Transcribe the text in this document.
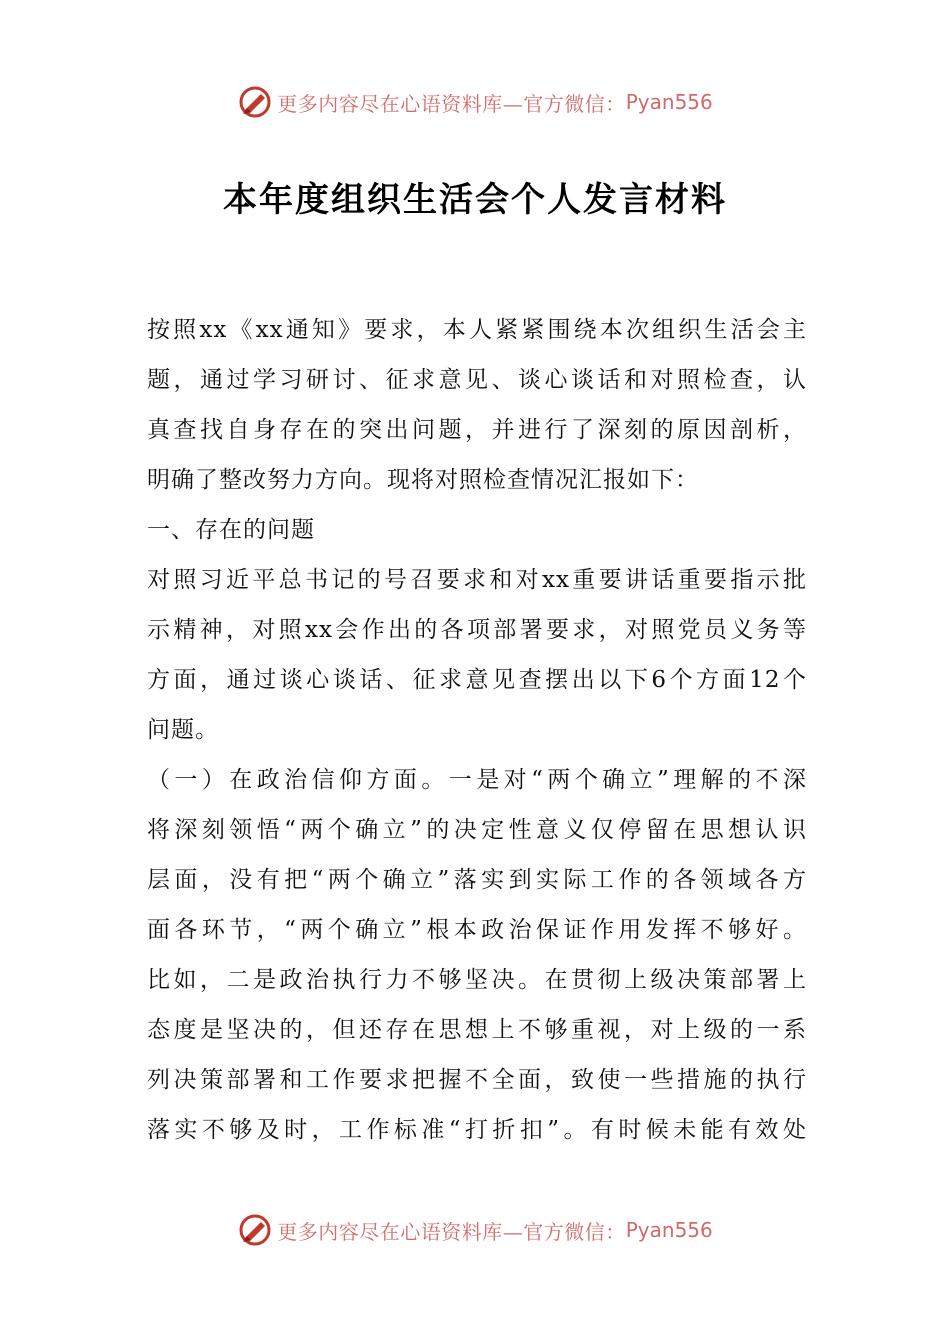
更多内容尽在心语资料库—官方微信： Pyan556
本年度组织生活会个人发言材料
按照xx《xx通知》要求，本人紧紧围绕本次组织生活会主
题，通过学习研讨、征求意见、谈心谈话和对照检查，认
真查找自身存在的突出问题，并进行了深刻的原因剖析，
明确了整改努力方向。现将对照检查情况汇报如下：
一、存在的问题
对照习近平总书记的号召要求和对xx重要讲话重要指示批
示精神，对照xx会作出的各项部署要求，对照党员义务等
方面，通过谈心谈话、征求意见查摆出以下6个方面12个
问题。
（一）在政治信仰方面。一是对“两个确立”理解的不深
将深刻领悟“两个确立”的决定性意义仅停留在思想认识
层面，没有把“两个确立”落实到实际工作的各领域各方
面各环节，“两个确立”根本政治保证作用发挥不够好。
比如，二是政治执行力不够坚决。在贯彻上级决策部署上
态度是坚决的，但还存在思想上不够重视，对上级的一系
列决策部署和工作要求把握不全面，致使一些措施的执行
落实不够及时，工作标准“打折扣”。有时候未能有效处
更多内容尽在心语资料库—官方微信： Pyan556
